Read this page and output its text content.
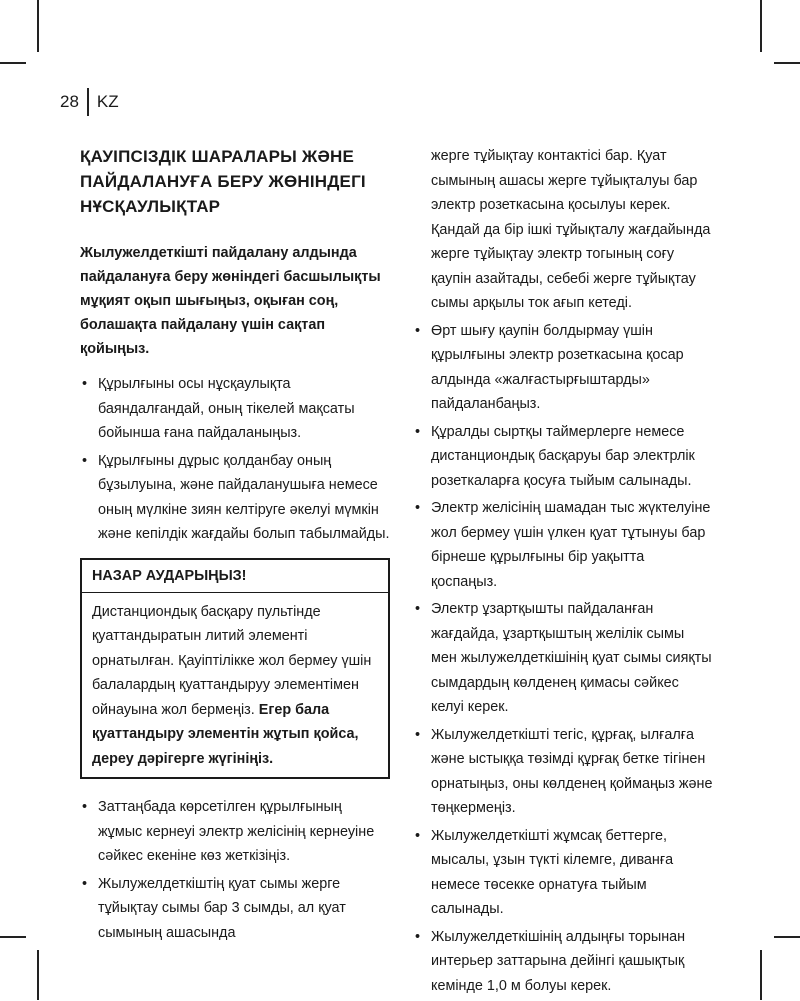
28	KZ

ҚАУІПСІЗДІК ШАРАЛАРЫ ЖӘНЕ ПАЙДАЛАНУҒА БЕРУ ЖӨНІНДЕГІ НҰСҚАУЛЫҚТАР

Жылужелдеткішті пайдалану алдында пайдалануға беру жөніндегі басшылықты мұқият оқып шығыңыз, оқыған соң, болашақта пайдалану үшін сақтап қойыңыз.

• Құрылғыны осы нұсқаулықта баяндалғандай, оның тікелей мақсаты бойынша ғана пайдаланыңыз.
• Құрылғыны дұрыс қолданбау оның бұзылуына, және пайдаланушыға немесе оның мүлкіне зиян келтіруге әкелуі мүмкін және кепілдік жағдайы болып табылмайды.
НАЗАР АУДАРЫҢЫЗ!
Дистанциондық басқару пультінде қуаттандыратын литий элементі орнатылған. Қауіптілікке жол бермеу үшін балалардың қуаттандыруу элементімен ойнауына жол бермеңіз. Егер бала қуаттандыру элементін жұтып қойса, дереу дәрігерге жүгініңіз.
• Заттаңбада көрсетілген құрылғының жұмыс кернеуі электр желісінің кернеуіне сәйкес екеніне көз жеткізіңіз.
• Жылужелдеткіштің қуат сымы жерге тұйықтау сымы бар 3 сымды, ал қуат сымының ашасында

жерге тұйықтау контактісі бар. Қуат сымының ашасы жерге тұйықталуы бар электр розеткасына қосылуы керек. Қандай да бір ішкі тұйықталу жағдайында жерге тұйықтау электр тогының соғу қаупін азайтады, себебі жерге тұйықтау сымы арқылы ток ағып кетеді.

• Өрт шығу қаупін болдырмау үшін құрылғыны электр розеткасына қосар алдында «жалғастырғыштарды» пайдаланбаңыз.
• Құралды сыртқы таймерлерге немесе дистанциондық басқаруы бар электрлік розеткаларға қосуға тыйым салынады.
• Электр желісінің шамадан тыс жүктелуіне жол бермеу үшін үлкен қуат тұтынуы бар бірнеше құрылғыны бір уақытта қоспаңыз.
• Электр ұзартқышты пайдаланған жағдайда, ұзартқыштың желілік сымы мен жылужелдеткішінің қуат сымы сияқты сымдардың көлденең қимасы сәйкес келуі керек.
• Жылужелдеткішті тегіс, құрғақ, ылғалға және ыстыққа төзімді құрғақ бетке тігінен орнатыңыз, оны көлденең қоймаңыз және төңкермеңіз.
• Жылужелдеткішті жұмсақ беттерге, мысалы, ұзын түкті кілемге, диванға немесе төсекке орнатуға тыйым салынады.
• Жылужелдеткішінің алдыңғы торынан интерьер заттарына дейінгі қашықтық кемінде 1,0 м болуы керек.
